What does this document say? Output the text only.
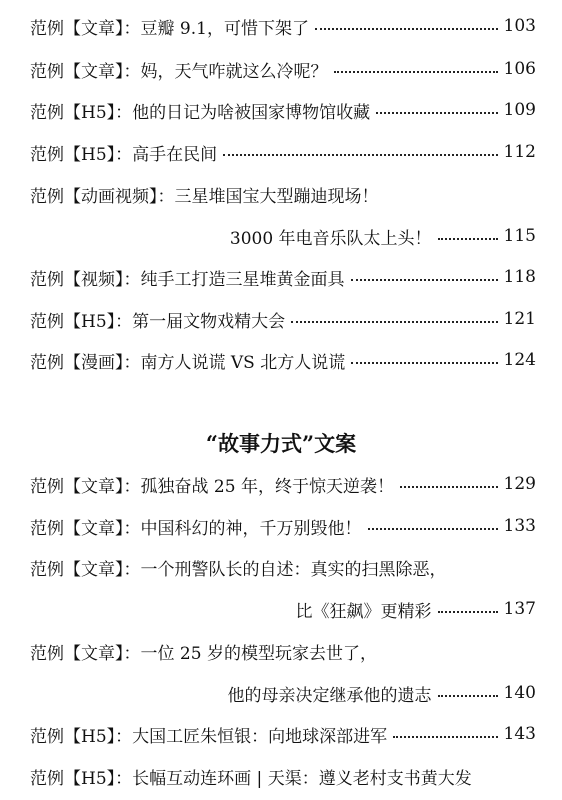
范例【文章】： 豆瓣 9.1，可惜下架了	103
范例【文章】： 妈，天气咋就这么冷呢？	106
范例【H5】： 他的日记为啥被国家博物馆收藏	109
范例【H5】： 高手在民间	112
范例【动画视频】： 三星堆国宝大型蹦迪现场！
3000 年电音乐队太上头！	115
范例【视频】： 纯手工打造三星堆黄金面具	118
范例【H5】： 第一届文物戏精大会	121
范例【漫画】： 南方人说谎 VS 北方人说谎	124
“故事力式”文案
范例【文章】： 孤独奋战 25 年，终于惊天逆袭！	129
范例【文章】： 中国科幻的神，千万别毁他！	133
范例【文章】： 一个刑警队长的自述：真实的扫黑除恶，
比《狂飙》更精彩	137
范例【文章】： 一位 25 岁的模型玩家去世了，
他的母亲决定继承他的遗志	140
范例【H5】： 大国工匠朱恒银：向地球深部进军	143
范例【H5】： 长幅互动连环画 | 天渠：遵义老村支书黄大发
